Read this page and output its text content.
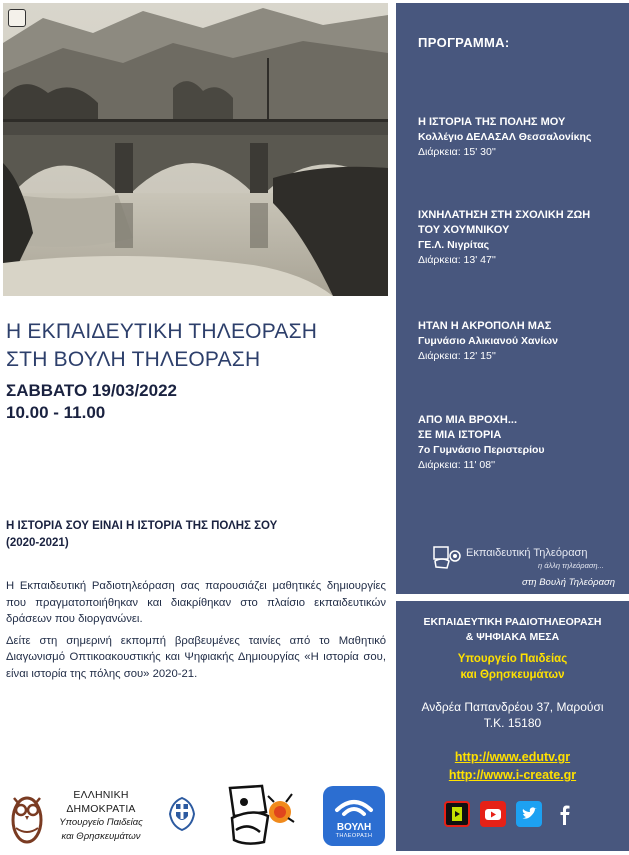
Η ΕΚΠΑΙΔΕΥΤΙΚΗ ΤΗΛΕΟΡΑΣΗ
ΣΤΗ ΒΟΥΛΗ ΤΗΛΕΟΡΑΣΗ
ΣΑΒΒΑΤΟ 19/03/2022
10.00 - 11.00
Η ΙΣΤΟΡΙΑ ΣΟΥ ΕΙΝΑΙ Η ΙΣΤΟΡΙΑ ΤΗΣ ΠΟΛΗΣ ΣΟΥ
(2020-2021)

Η Εκπαιδευτική Ραδιοτηλεόραση σας παρουσιάζει μαθητικές δημιουργίες που πραγματοποιήθηκαν και διακρίθηκαν στο πλαίσιο εκπαιδευτικών δράσεων που διοργανώνει.

Δείτε στη σημερινή εκπομπή βραβευμένες ταινίες από το Μαθητικό Διαγωνισμό Οπτικοακουστικής και Ψηφιακής Δημιουργίας «Η ιστορία σου, είναι ιστορία της πόλης σου» 2020-21.

ΕΛΛΗΝΙΚΗ ΔΗΜΟΚΡΑΤΙΑ
Υπουργείο Παιδείας
και Θρησκευμάτων
ΒΟΥΛΗ
ΤΗΛΕΟΡΑΣΗ
ΠΡΟΓΡΑΜΜΑ:
Η ΙΣΤΟΡΙΑ ΤΗΣ ΠΟΛΗΣ ΜΟΥ
Κολλέγιο ΔΕΛΑΣΑΛ Θεσσαλονίκης
Διάρκεια: 15' 30''
ΙΧΝΗΛΑΤΗΣΗ ΣΤΗ ΣΧΟΛΙΚΗ ΖΩΗ
ΤΟΥ ΧΟΥΜΝΙΚΟΥ
ΓΕ.Λ. Νιγρίτας
Διάρκεια: 13' 47''
ΗΤΑΝ Η ΑΚΡΟΠΟΛΗ ΜΑΣ
Γυμνάσιο Αλικιανού Χανίων
Διάρκεια: 12' 15''
ΑΠΟ ΜΙΑ ΒΡΟΧΗ...
ΣΕ ΜΙΑ ΙΣΤΟΡΙΑ
7ο Γυμνάσιο Περιστερίου
Διάρκεια: 11' 08''
Εκπαιδευτική Τηλεόραση
η άλλη τηλεόραση...
στη Βουλή Τηλεόραση
ΕΚΠΑΙΔΕΥΤΙΚΗ ΡΑΔΙΟΤΗΛΕΟΡΑΣΗ
& ΨΗΦΙΑΚΑ ΜΕΣΑ
Υπουργείο Παιδείας
και Θρησκευμάτων
Ανδρέα Παπανδρέου 37, Μαρούσι
Τ.Κ. 15180
http://www.edutv.gr
http://www.i-create.gr
